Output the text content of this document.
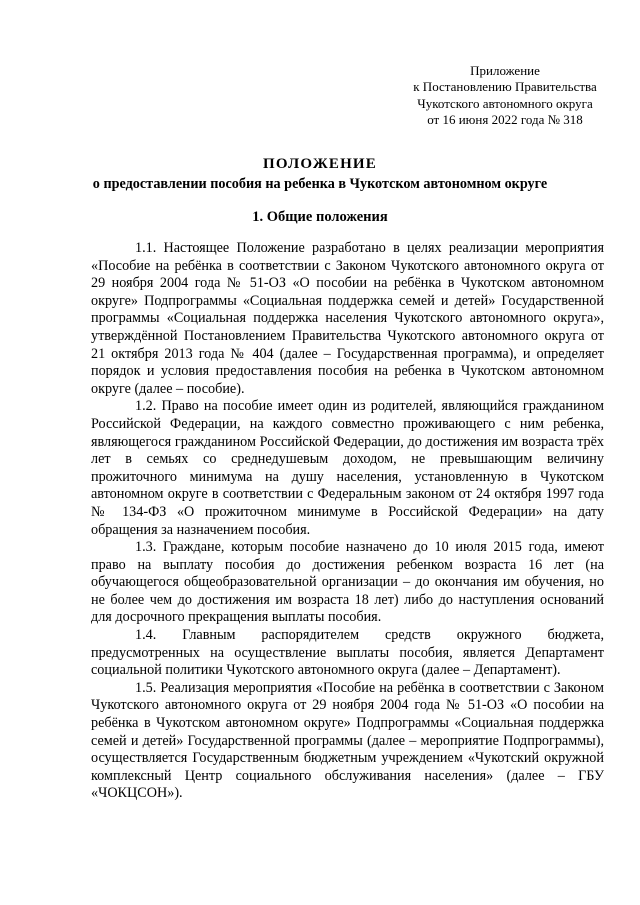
Приложение
к Постановлению Правительства
Чукотского автономного округа
от 16 июня 2022 года № 318
ПОЛОЖЕНИЕ
о предоставлении пособия на ребенка в Чукотском автономном округе
1. Общие положения

1.1. Настоящее Положение разработано в целях реализации мероприятия «Пособие на ребёнка в соответствии с Законом Чукотского автономного округа от 29 ноября 2004 года № 51-ОЗ «О пособии на ребёнка в Чукотском автономном округе» Подпрограммы «Социальная поддержка семей и детей» Государственной программы «Социальная поддержка населения Чукотского автономного округа», утверждённой Постановлением Правительства Чукотского автономного округа от 21 октября 2013 года № 404 (далее – Государственная программа), и определяет порядок и условия предоставления пособия на ребенка в Чукотском автономном округе (далее – пособие).

1.2. Право на пособие имеет один из родителей, являющийся гражданином Российской Федерации, на каждого совместно проживающего с ним ребенка, являющегося гражданином Российской Федерации, до достижения им возраста трёх лет в семьях со среднедушевым доходом, не превышающим величину прожиточного минимума на душу населения, установленную в Чукотском автономном округе в соответствии с Федеральным законом от 24 октября 1997 года № 134-ФЗ «О прожиточном минимуме в Российской Федерации» на дату обращения за назначением пособия.

1.3. Граждане, которым пособие назначено до 10 июля 2015 года, имеют право на выплату пособия до достижения ребенком возраста 16 лет (на обучающегося общеобразовательной организации – до окончания им обучения, но не более чем до достижения им возраста 18 лет) либо до наступления оснований для досрочного прекращения выплаты пособия.

1.4. Главным распорядителем средств окружного бюджета, предусмотренных на осуществление выплаты пособия, является Департамент социальной политики Чукотского автономного округа (далее – Департамент).

1.5. Реализация мероприятия «Пособие на ребёнка в соответствии с Законом Чукотского автономного округа от 29 ноября 2004 года № 51-ОЗ «О пособии на ребёнка в Чукотском автономном округе» Подпрограммы «Социальная поддержка семей и детей» Государственной программы (далее – мероприятие Подпрограммы), осуществляется Государственным бюджетным учреждением «Чукотский окружной комплексный Центр социального обслуживания населения» (далее – ГБУ «ЧОКЦСОН»).
